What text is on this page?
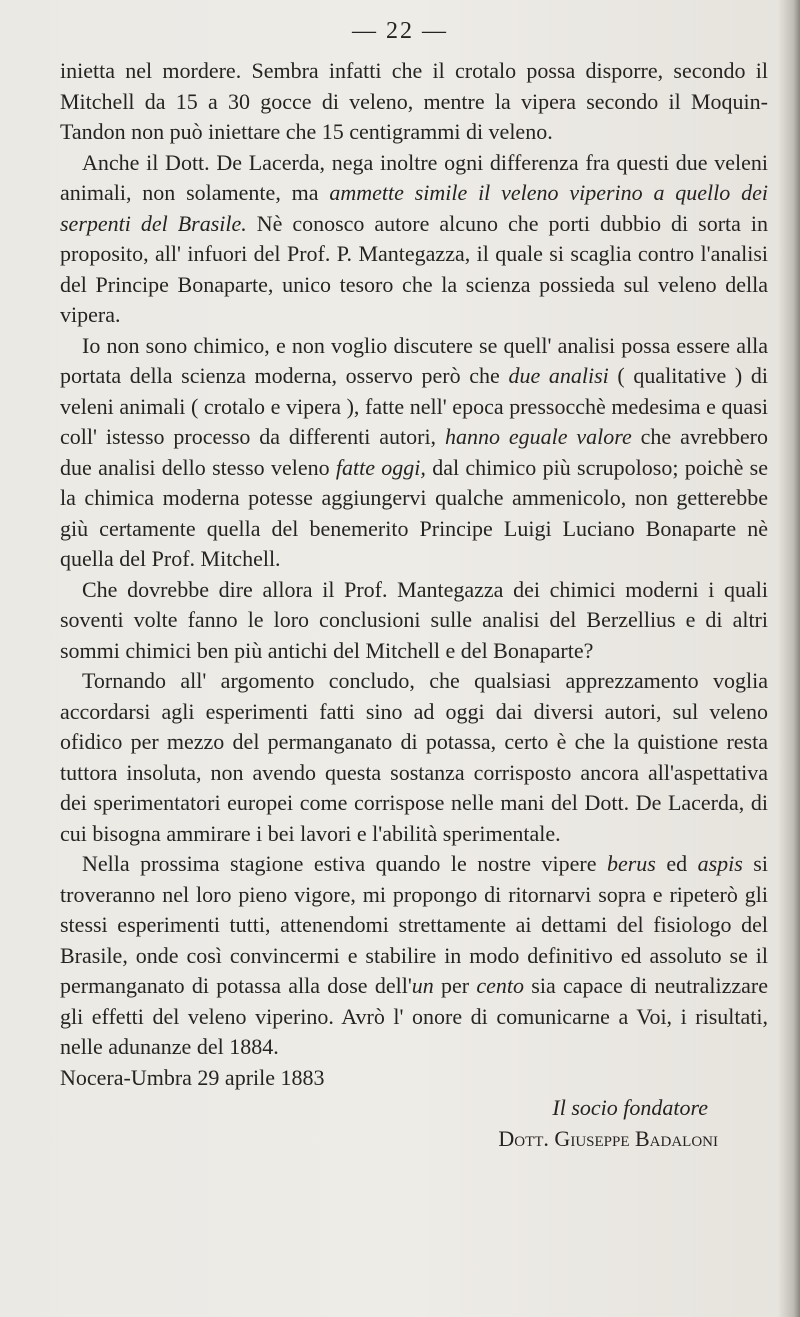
— 22 —

inietta nel mordere. Sembra infatti che il crotalo possa disporre, secondo il Mitchell da 15 a 30 gocce di veleno, mentre la vipera secondo il Moquin-Tandon non può iniettare che 15 centigrammi di veleno.

Anche il Dott. De Lacerda, nega inoltre ogni differenza fra questi due veleni animali, non solamente, ma ammette simile il veleno viperino a quello dei serpenti del Brasile. Nè conosco autore alcuno che porti dubbio di sorta in proposito, all' infuori del Prof. P. Mantegazza, il quale si scaglia contro l'analisi del Principe Bonaparte, unico tesoro che la scienza possieda sul veleno della vipera.

Io non sono chimico, e non voglio discutere se quell' analisi possa essere alla portata della scienza moderna, osservo però che due analisi ( qualitative ) di veleni animali ( crotalo e vipera ), fatte nell' epoca pressocchè medesima e quasi coll' istesso processo da differenti autori, hanno eguale valore che avrebbero due analisi dello stesso veleno fatte oggi, dal chimico più scrupoloso; poichè se la chimica moderna potesse aggiungervi qualche ammenicolo, non getterebbe giù certamente quella del benemerito Principe Luigi Luciano Bonaparte nè quella del Prof. Mitchell.

Che dovrebbe dire allora il Prof. Mantegazza dei chimici moderni i quali soventi volte fanno le loro conclusioni sulle analisi del Berzellius e di altri sommi chimici ben più antichi del Mitchell e del Bonaparte?

Tornando all' argomento concludo, che qualsiasi apprezzamento voglia accordarsi agli esperimenti fatti sino ad oggi dai diversi autori, sul veleno ofidico per mezzo del permanganato di potassa, certo è che la quistione resta tuttora insoluta, non avendo questa sostanza corrisposto ancora all'aspettativa dei sperimentatori europei come corrispose nelle mani del Dott. De Lacerda, di cui bisogna ammirare i bei lavori e l'abilità sperimentale.

Nella prossima stagione estiva quando le nostre vipere berus ed aspis si troveranno nel loro pieno vigore, mi propongo di ritornarvi sopra e ripeterò gli stessi esperimenti tutti, attenendomi strettamente ai dettami del fisiologo del Brasile, onde così convincermi e stabilire in modo definitivo ed assoluto se il permanganato di potassa alla dose dell'un per cento sia capace di neutralizzare gli effetti del veleno viperino. Avrò l' onore di comunicarne a Voi, i risultati, nelle adunanze del 1884.

Nocera-Umbra 29 aprile 1883

Il socio fondatore

Dott. Giuseppe Badaloni
